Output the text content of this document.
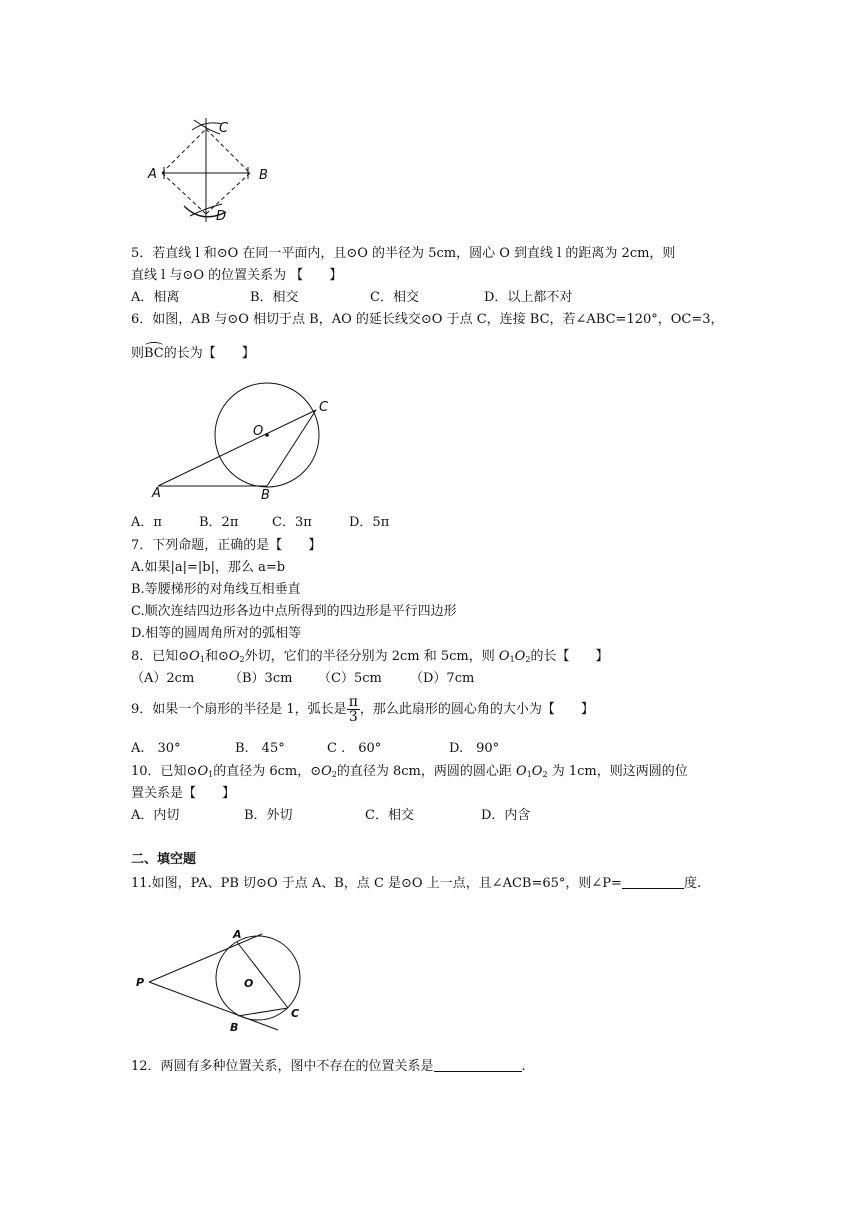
C
A	B
D
5．若直线 l 和⊙O 在同一平面内，且⊙O 的半径为 5cm，圆心 O 到直线 l 的距离为 2cm，则
直线 l 与⊙O 的位置关系为 【　　】
A．相离	B．相交	C．相交	D．以上都不对
6．如图，AB 与⊙O 相切于点 B，AO 的延长线交⊙O 于点 C，连接 BC，若∠ABC=120°，OC=3，
则BC的长为【　　】
O
C
A	B
A．π	B．2π	C．3π	D．5π
7．下列命题，正确的是【　　】
A.如果|a|=|b|，那么 a=b
B.等腰梯形的对角线互相垂直
C.顺次连结四边形各边中点所得到的四边形是平行四边形
D.相等的圆周角所对的弧相等
8．已知$⊙O_1$和$⊙O_2$外切，它们的半径分别为 2cm 和 5cm，则 $O_1O_2$的长【　　】
（A）2cm	（B）3cm （C）5cm （D）7cm
9．如果一个扇形的半径是 1，弧长是 $\frac{\pi}{3}$ ，那么此扇形的圆心角的大小为【　　】
A.　30°	B.　45°	C .　60°	D.　90°
10．已知$⊙O_1$的直径为 6cm，$⊙O_2$的直径为 8cm，两圆的圆心距 $O_1O_2$ 为 1cm，则这两圆的位
置关系是【　　】
A．内切	B．外切	C．相交	D．内含
二、填空题
11.如图，PA、PB 切⊙O 于点 A、B，点 C 是⊙O 上一点，且∠ACB=65°，则∠P=	度.
A
P	O
B
C
12．两圆有多种位置关系，图中不存在的位置关系是	.
